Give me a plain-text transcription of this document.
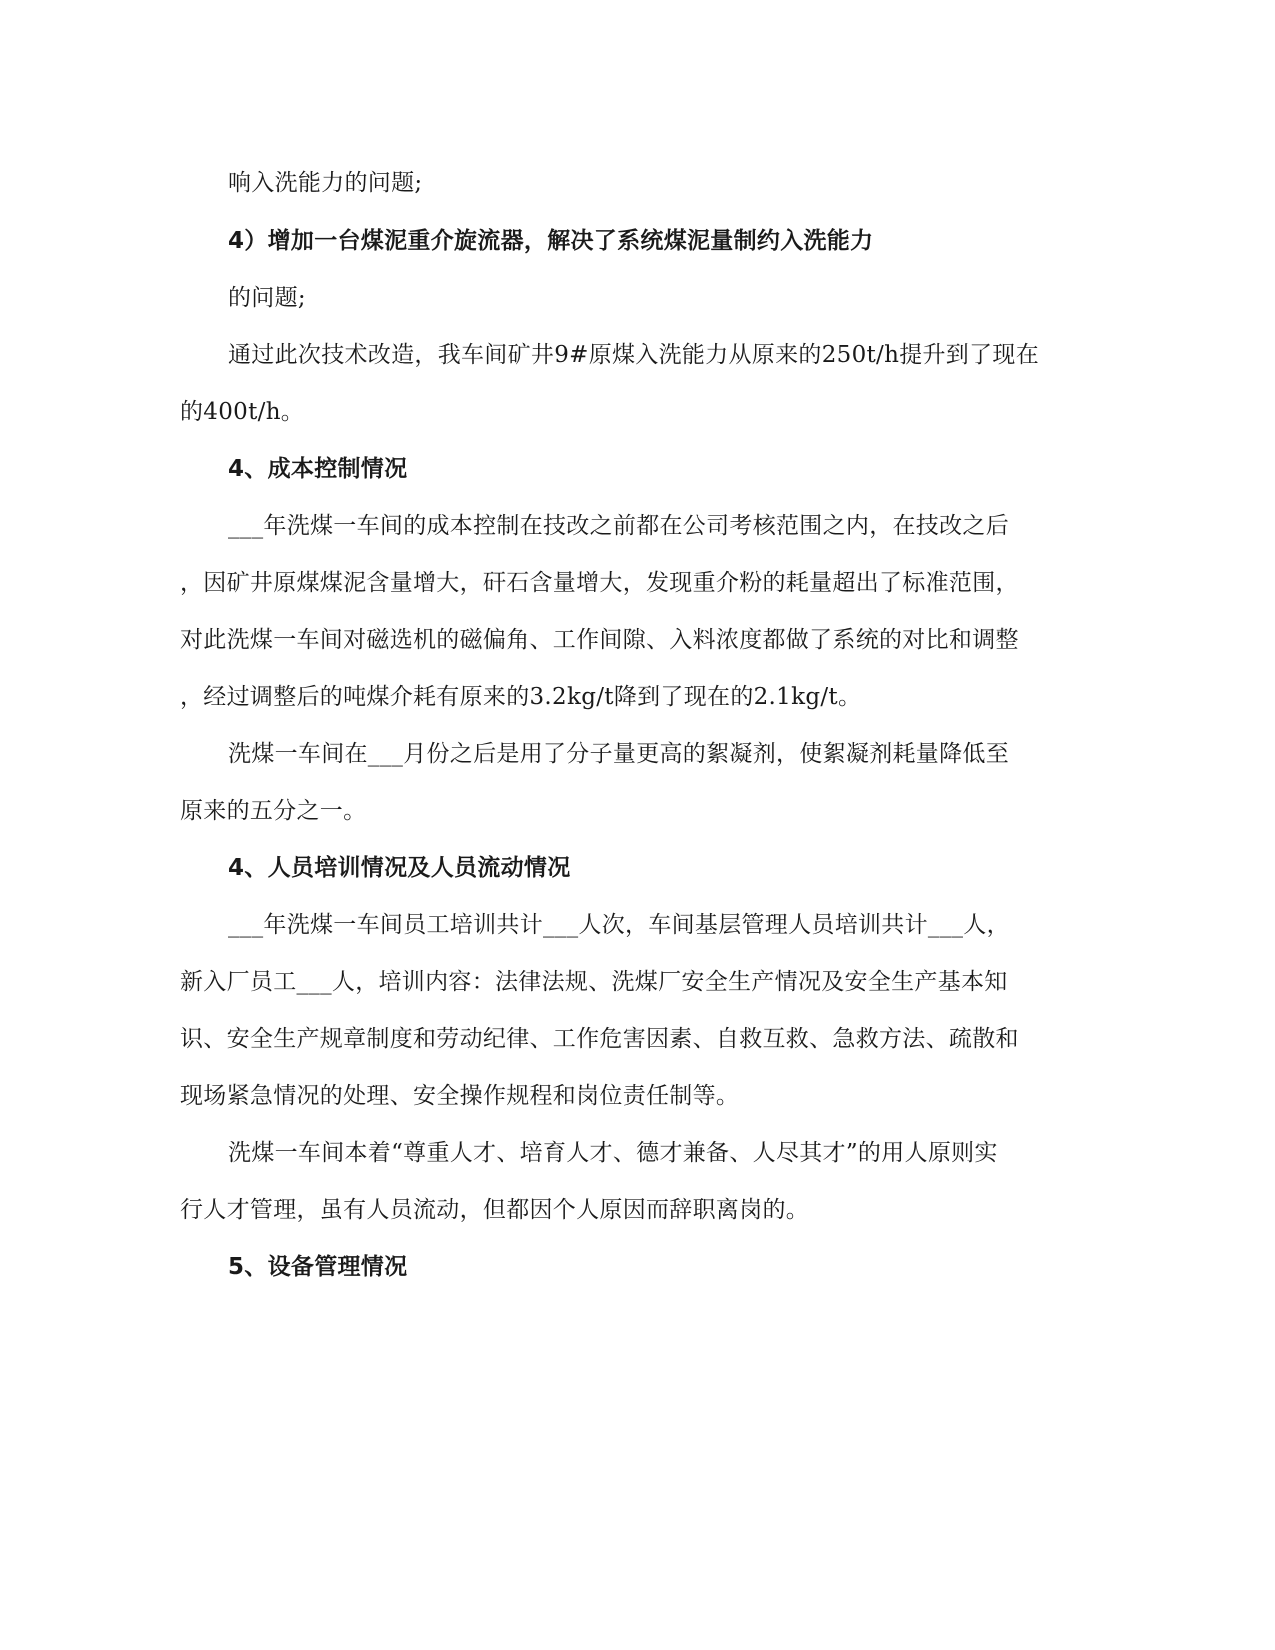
响入洗能力的问题;
4）增加一台煤泥重介旋流器，解决了系统煤泥量制约入洗能力
的问题;
通过此次技术改造，我车间矿井9#原煤入洗能力从原来的250t/h提升到了现在
的400t/h。
4、成本控制情况
___年洗煤一车间的成本控制在技改之前都在公司考核范围之内，在技改之后
，因矿井原煤煤泥含量增大，矸石含量增大，发现重介粉的耗量超出了标准范围，
对此洗煤一车间对磁选机的磁偏角、工作间隙、入料浓度都做了系统的对比和调整
，经过调整后的吨煤介耗有原来的3.2kg/t降到了现在的2.1kg/t。
洗煤一车间在___月份之后是用了分子量更高的絮凝剂，使絮凝剂耗量降低至
原来的五分之一。
4、人员培训情况及人员流动情况
___年洗煤一车间员工培训共计___人次，车间基层管理人员培训共计___人，
新入厂员工___人，培训内容：法律法规、洗煤厂安全生产情况及安全生产基本知
识、安全生产规章制度和劳动纪律、工作危害因素、自救互救、急救方法、疏散和
现场紧急情况的处理、安全操作规程和岗位责任制等。
洗煤一车间本着“尊重人才、培育人才、德才兼备、人尽其才”的用人原则实
行人才管理，虽有人员流动，但都因个人原因而辞职离岗的。
5、设备管理情况
